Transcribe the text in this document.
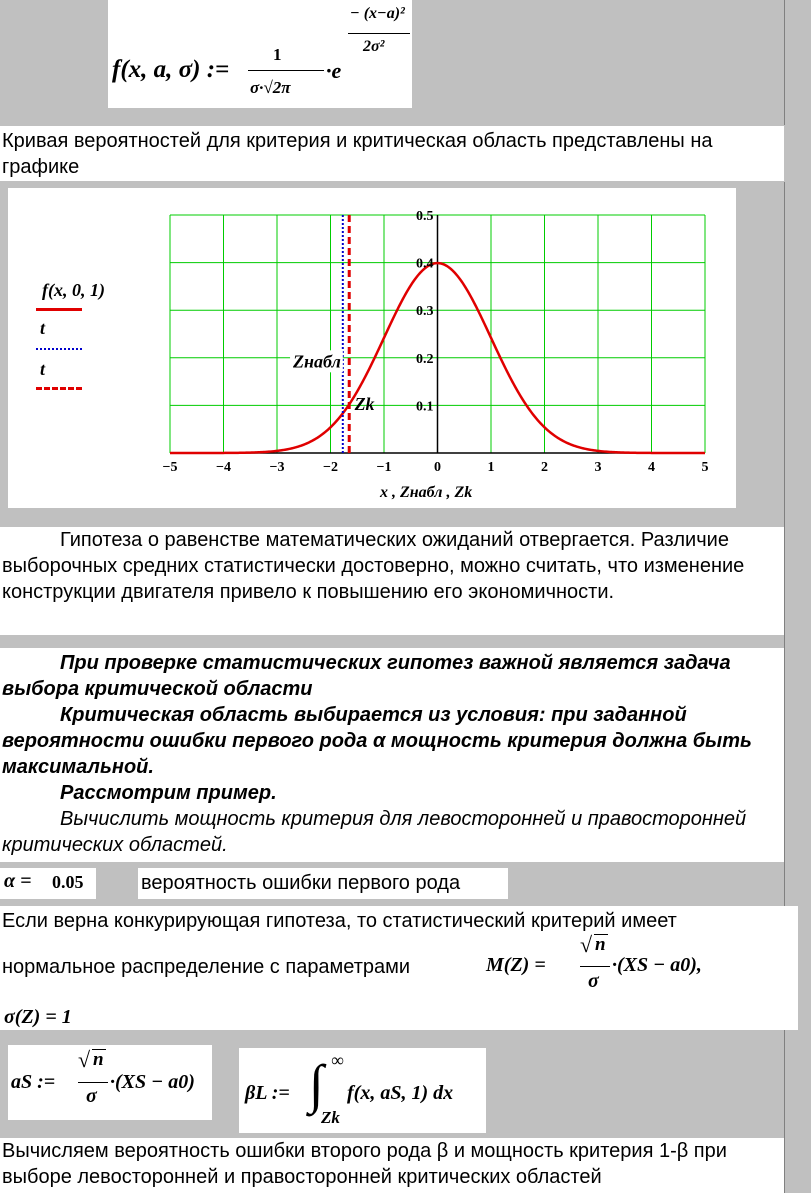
f(x, a, σ) :=
1
σ·√2π
·e
− (x−a)²
2σ²
Кривая вероятностей для критерия и критическая область представлены на графике
−5	−4	−3	−2	−1	0	1	2	3	4	5
0.1
0.2
0.3
0.4
0.5
Zнабл
Zk
f(x, 0, 1)
t
t
x , Zнабл , Zk
Гипотеза о равенстве математических ожиданий отвергается. Различие выборочных средних статистически достоверно, можно считать, что изменение конструкции двигателя привело к повышению его экономичности.
При проверке статистических гипотез важной является задача выбора критической области
Критическая область выбирается из условия: при заданной вероятности ошибки первого рода α мощность критерия должна быть максимальной.
Рассмотрим пример.
Вычислить мощность критерия для левосторонней и правосторонней критических областей.
α = 0.05	вероятность ошибки первого рода
Если верна конкурирующая гипотеза, то статистический критерий имеет
нормальное распределение с параметрами	M(Z) =
√ n
σ
·(XS − a0),
σ(Z) = 1
aS :=
√ n
σ
·(XS − a0)	βL := ∫ ∞
Zk
f(x, aS, 1) dx
Вычисляем вероятность ошибки второго рода β и мощность критерия 1-β при выборе левосторонней и правосторонней критических областей
